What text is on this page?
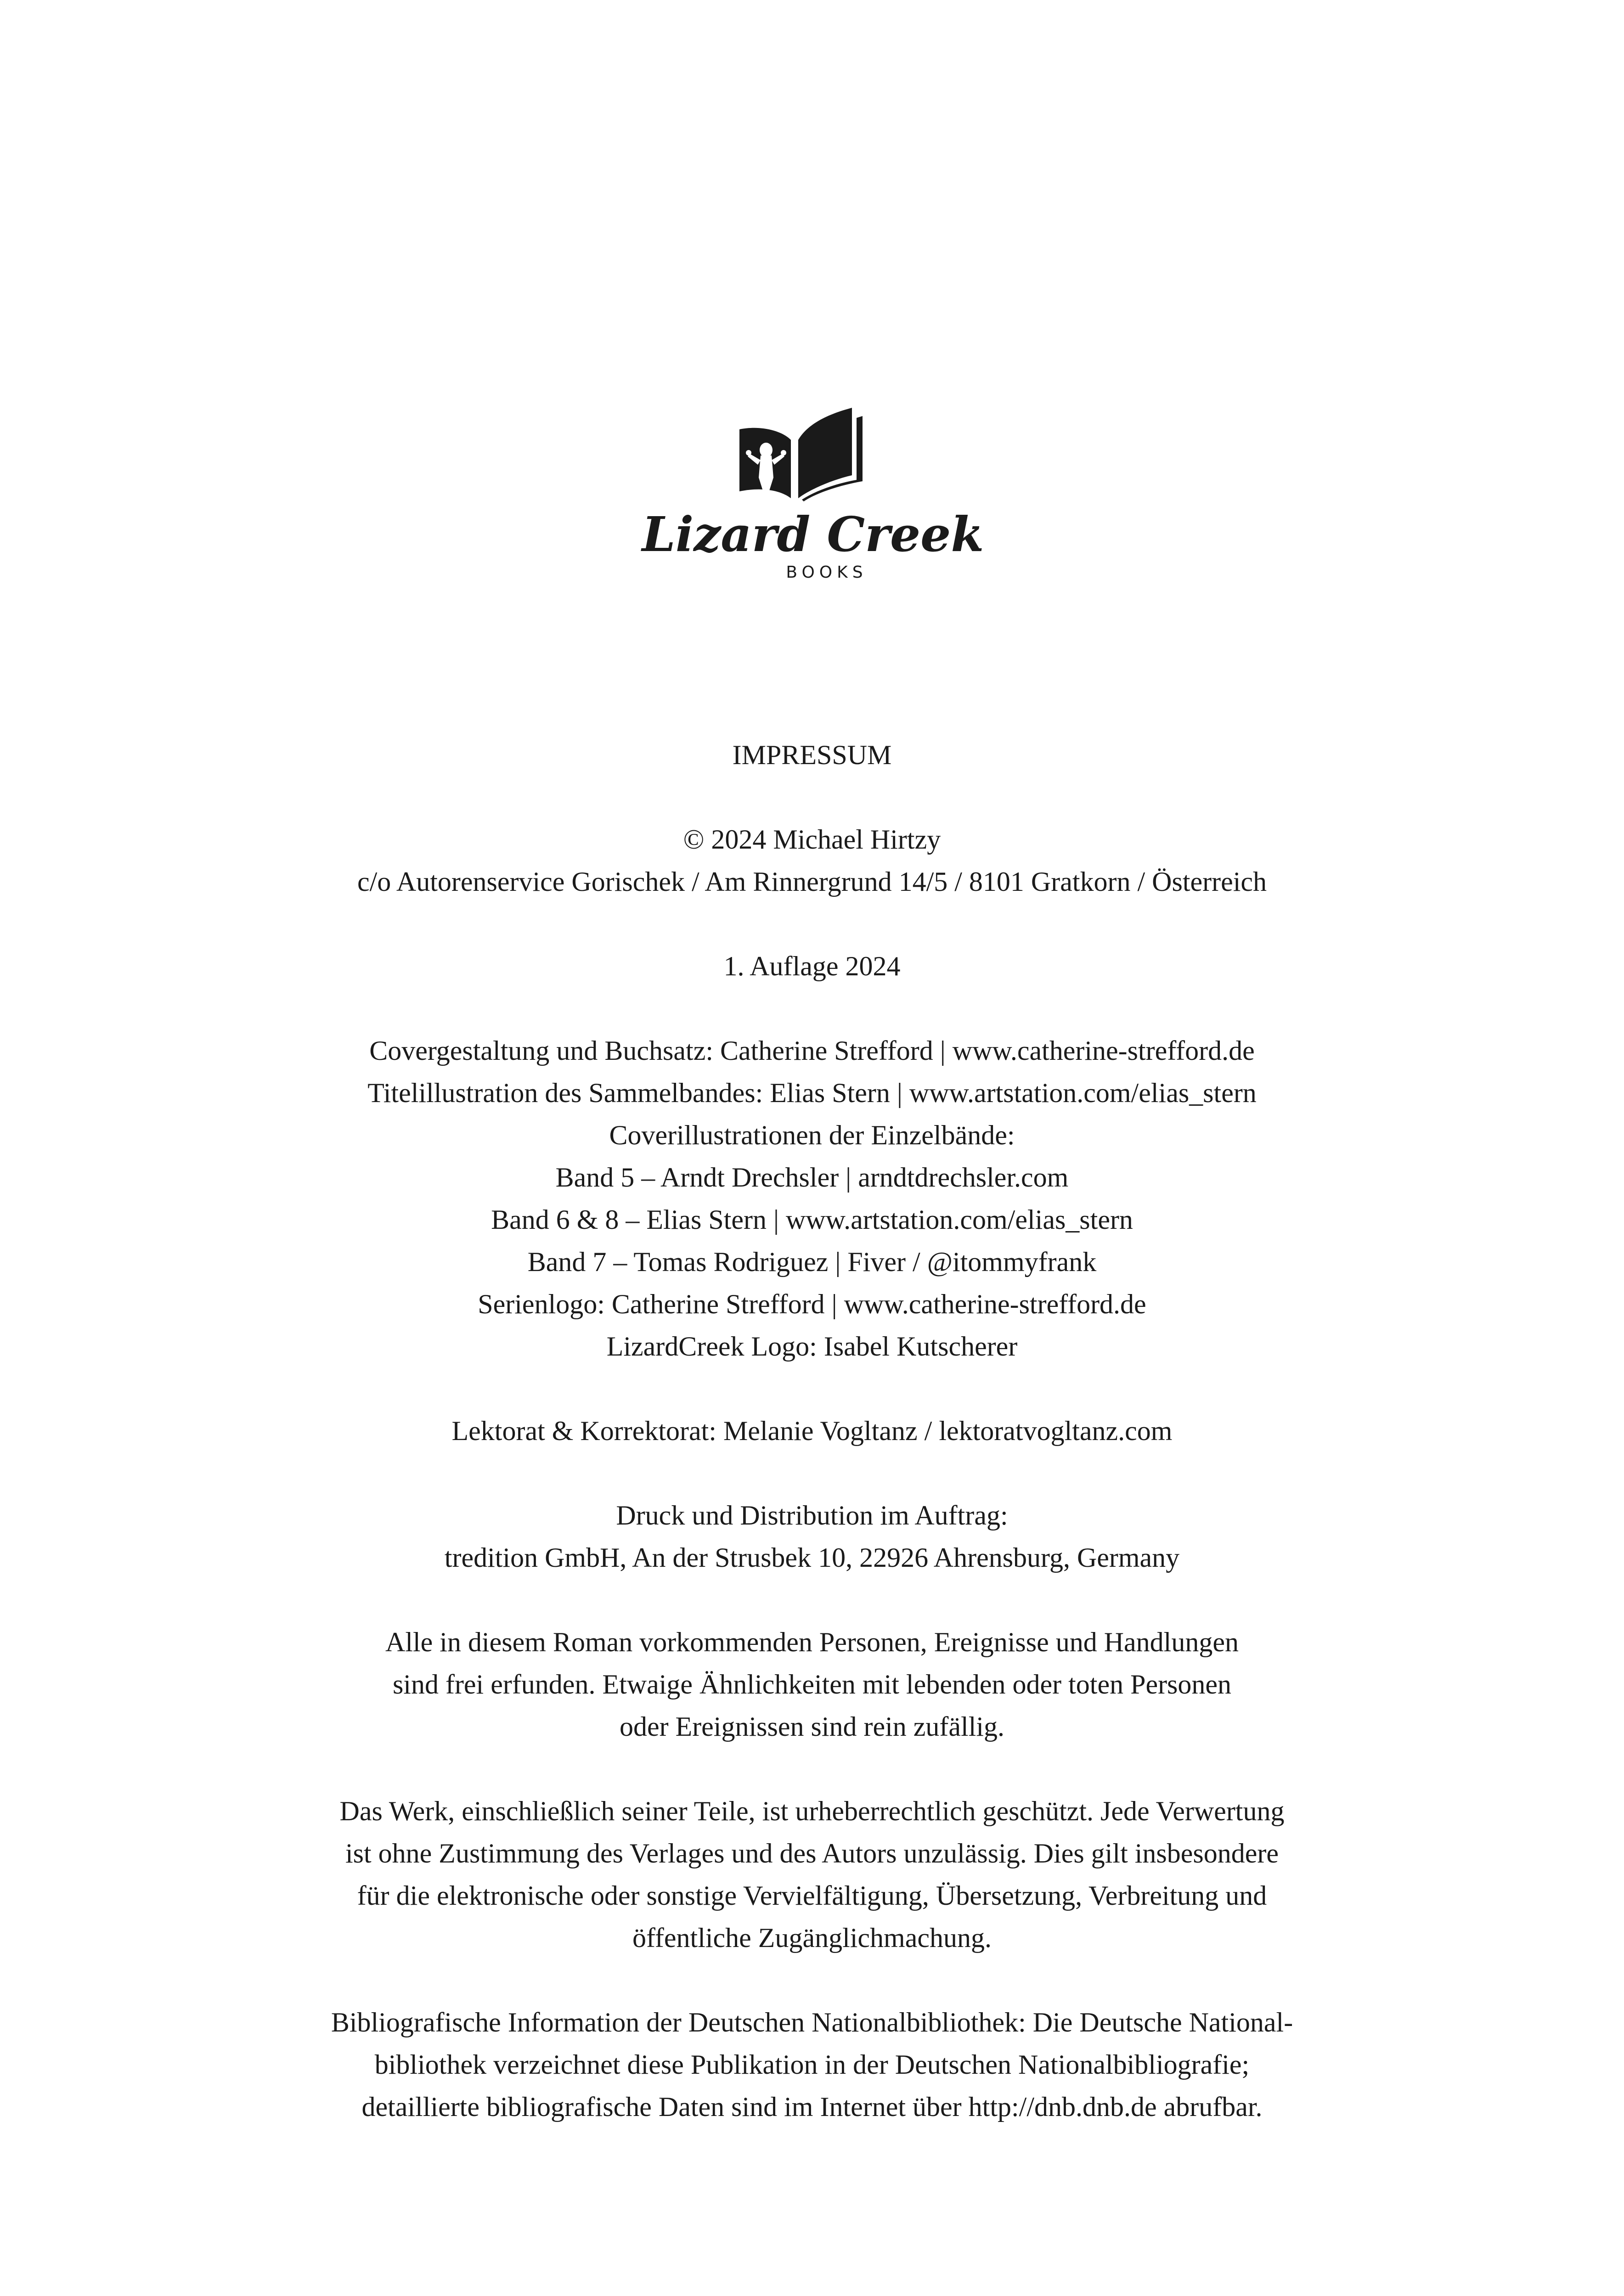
Lizard Creek
BOOKS
IMPRESSUM
© 2024 Michael Hirtzy
c/o Autorenservice Gorischek / Am Rinnergrund 14/5 / 8101 Gratkorn / Österreich
1. Auflage 2024
Covergestaltung und Buchsatz: Catherine Strefford | www.catherine-strefford.de
Titelillustration des Sammelbandes: Elias Stern | www.artstation.com/elias_stern
Coverillustrationen der Einzelbände:
Band 5 – Arndt Drechsler | arndtdrechsler.com
Band 6 & 8 – Elias Stern | www.artstation.com/elias_stern
Band 7 – Tomas Rodriguez | Fiver / @itommyfrank
Serienlogo: Catherine Strefford | www.catherine-strefford.de
LizardCreek Logo: Isabel Kutscherer
Lektorat & Korrektorat: Melanie Vogltanz / lektoratvogltanz.com
Druck und Distribution im Auftrag:
tredition GmbH, An der Strusbek 10, 22926 Ahrensburg, Germany
Alle in diesem Roman vorkommenden Personen, Ereignisse und Handlungen
sind frei erfunden. Etwaige Ähnlichkeiten mit lebenden oder toten Personen
oder Ereignissen sind rein zufällig.
Das Werk, einschließlich seiner Teile, ist urheberrechtlich geschützt. Jede Verwertung
ist ohne Zustimmung des Verlages und des Autors unzulässig. Dies gilt insbesondere
für die elektronische oder sonstige Vervielfältigung, Übersetzung, Verbreitung und
öffentliche Zugänglichmachung.
Bibliografische Information der Deutschen Nationalbibliothek: Die Deutsche National-
bibliothek verzeichnet diese Publikation in der Deutschen Nationalbibliografie;
detaillierte bibliografische Daten sind im Internet über http://dnb.dnb.de abrufbar.
